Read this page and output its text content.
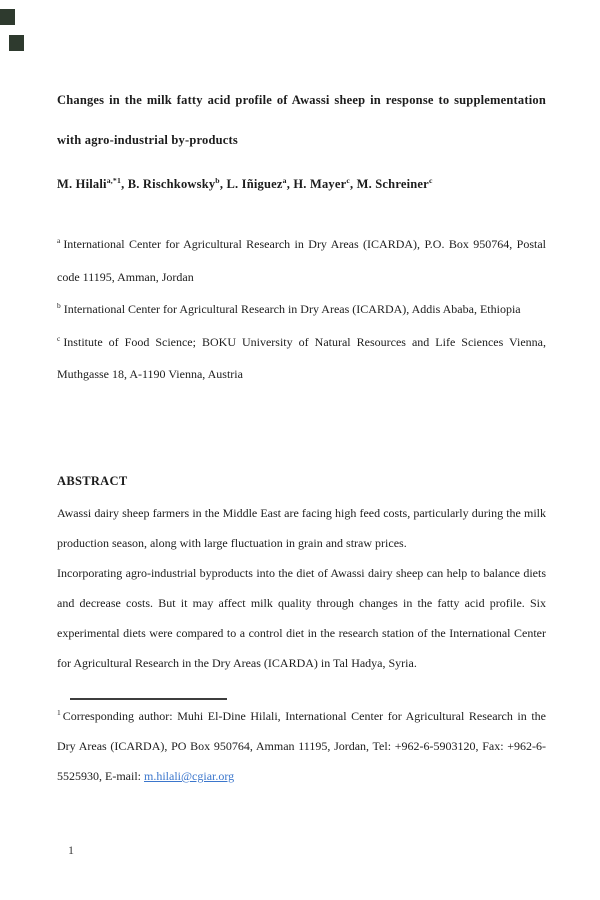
Changes in the milk fatty acid profile of Awassi sheep in response to supplementation with agro-industrial by-products
M. Hilali$^{a,*1}$, B. Rischkowsky$^b$, L. Iñiguez$^a$, H. Mayer$^c$, M. Schreiner$^c$

$^a$ International Center for Agricultural Research in Dry Areas (ICARDA), P.O. Box 950764, Postal code 11195, Amman, Jordan

$^b$ International Center for Agricultural Research in Dry Areas (ICARDA), Addis Ababa, Ethiopia

$^c$ Institute of Food Science; BOKU University of Natural Resources and Life Sciences Vienna, Muthgasse 18, A-1190 Vienna, Austria

ABSTRACT

Awassi dairy sheep farmers in the Middle East are facing high feed costs, particularly during the milk production season, along with large fluctuation in grain and straw prices.

Incorporating agro-industrial byproducts into the diet of Awassi dairy sheep can help to balance diets and decrease costs. But it may affect milk quality through changes in the fatty acid profile. Six experimental diets were compared to a control diet in the research station of the International Center for Agricultural Research in the Dry Areas (ICARDA) in Tal Hadya, Syria.

$^1$ Corresponding author: Muhi El-Dine Hilali, International Center for Agricultural Research in the Dry Areas (ICARDA), PO Box 950764, Amman 11195, Jordan, Tel: +962-6-5903120, Fax: +962-6-5525930, E-mail: m.hilali@cgiar.org
1
